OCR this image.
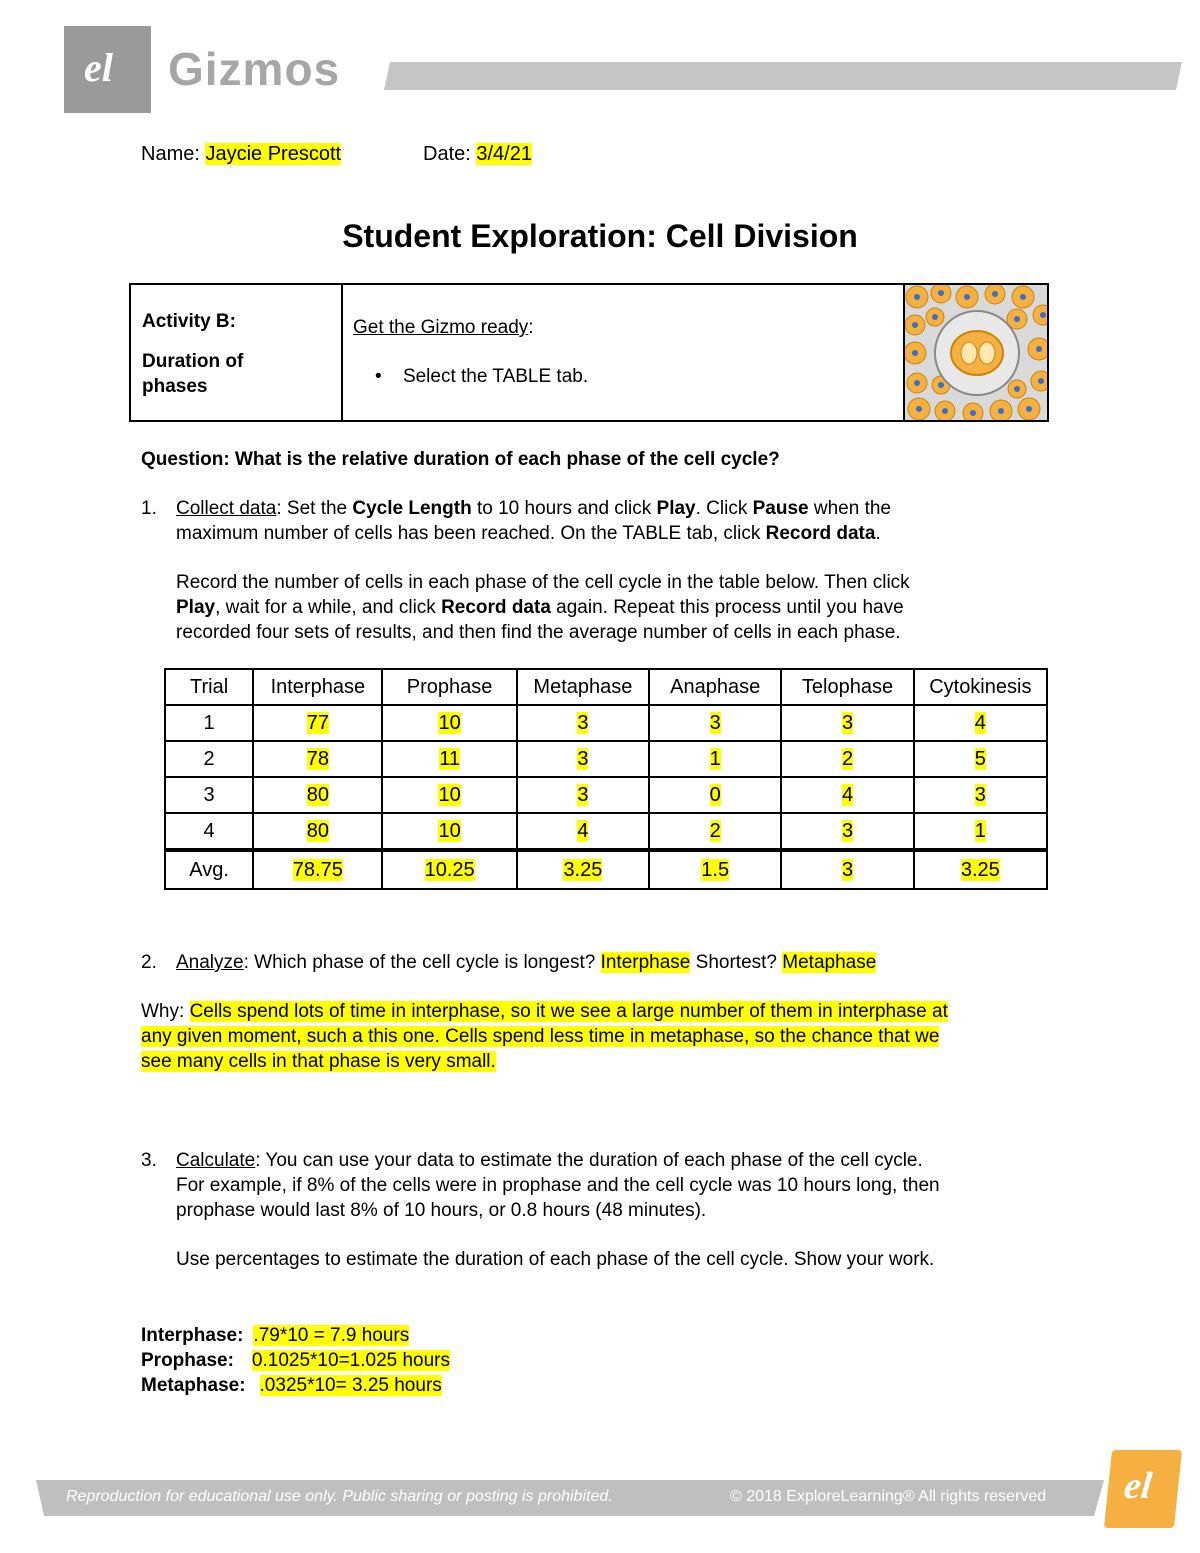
el Gizmos
Name: Jaycie Prescott	Date: 3/4/21
Student Exploration: Cell Division
Activity B:
Duration of phases
Get the Gizmo ready:
• Select the TABLE tab.
Question: What is the relative duration of each phase of the cell cycle?
1. Collect data: Set the Cycle Length to 10 hours and click Play. Click Pause when the
maximum number of cells has been reached. On the TABLE tab, click Record data.
Record the number of cells in each phase of the cell cycle in the table below. Then click
Play, wait for a while, and click Record data again. Repeat this process until you have
recorded four sets of results, and then find the average number of cells in each phase.
Trial	Interphase	Prophase	Metaphase	Anaphase	Telophase	Cytokinesis
1	77	10	3	3	3	4
2	78	11	3	1	2	5
3	80	10	3	0	4	3
4	80	10	4	2	3	1
Avg.	78.75	10.25	3.25	1.5	3	3.25
2. Analyze: Which phase of the cell cycle is longest? Interphase Shortest? Metaphase
Why: Cells spend lots of time in interphase, so it we see a large number of them in interphase at
any given moment, such a this one. Cells spend less time in metaphase, so the chance that we
see many cells in that phase is very small.
3. Calculate: You can use your data to estimate the duration of each phase of the cell cycle.
For example, if 8% of the cells were in prophase and the cell cycle was 10 hours long, then
prophase would last 8% of 10 hours, or 0.8 hours (48 minutes).
Use percentages to estimate the duration of each phase of the cell cycle. Show your work.
Interphase: .79*10 = 7.9 hours
Prophase: 0.1025*10=1.025 hours
Metaphase: .0325*10= 3.25 hours
Reproduction for educational use only. Public sharing or posting is prohibited.	© 2018 ExploreLearning® All rights reserved el
